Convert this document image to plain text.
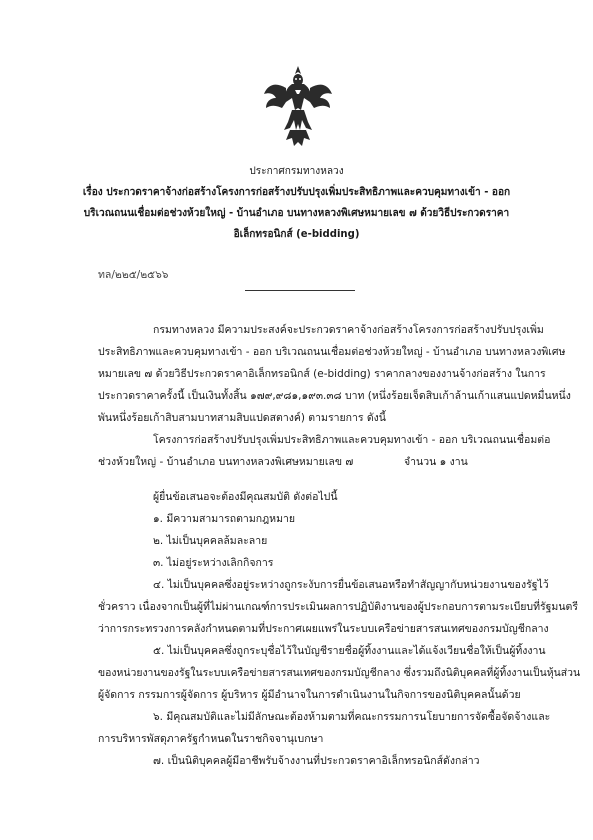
ประกาศกรมทางหลวง
เรื่อง ประกวดราคาจ้างก่อสร้างโครงการก่อสร้างปรับปรุงเพิ่มประสิทธิภาพและควบคุมทางเข้า - ออก
บริเวณถนนเชื่อมต่อช่วงห้วยใหญ่ - บ้านอำเภอ บนทางหลวงพิเศษหมายเลข ๗ ด้วยวิธีประกวดราคา
อิเล็กทรอนิกส์ (e-bidding)
ทล/๒๒๕/๒๕๖๖
กรมทางหลวง มีความประสงค์จะประกวดราคาจ้างก่อสร้างโครงการก่อสร้างปรับปรุงเพิ่ม
ประสิทธิภาพและควบคุมทางเข้า - ออก บริเวณถนนเชื่อมต่อช่วงห้วยใหญ่ - บ้านอำเภอ บนทางหลวงพิเศษ
หมายเลข ๗ ด้วยวิธีประกวดราคาอิเล็กทรอนิกส์ (e-bidding) ราคากลางของงานจ้างก่อสร้าง ในการ
ประกวดราคาครั้งนี้ เป็นเงินทั้งสิ้น ๑๗๙,๙๘๑,๑๙๓.๓๘ บาท (หนึ่งร้อยเจ็ดสิบเก้าล้านเก้าแสนแปดหมื่นหนึ่ง
พันหนึ่งร้อยเก้าสิบสามบาทสามสิบแปดสตางค์) ตามรายการ ดังนี้
โครงการก่อสร้างปรับปรุงเพิ่มประสิทธิภาพและควบคุมทางเข้า - ออก บริเวณถนนเชื่อมต่อ
ช่วงห้วยใหญ่ - บ้านอำเภอ บนทางหลวงพิเศษหมายเลข ๗	จำนวน ๑ งาน
ผู้ยื่นข้อเสนอจะต้องมีคุณสมบัติ ดังต่อไปนี้
๑. มีความสามารถตามกฎหมาย
๒. ไม่เป็นบุคคลล้มละลาย
๓. ไม่อยู่ระหว่างเลิกกิจการ
๔. ไม่เป็นบุคคลซึ่งอยู่ระหว่างถูกระงับการยื่นข้อเสนอหรือทำสัญญากับหน่วยงานของรัฐไว้
ชั่วคราว เนื่องจากเป็นผู้ที่ไม่ผ่านเกณฑ์การประเมินผลการปฏิบัติงานของผู้ประกอบการตามระเบียบที่รัฐมนตรี
ว่าการกระทรวงการคลังกำหนดตามที่ประกาศเผยแพร่ในระบบเครือข่ายสารสนเทศของกรมบัญชีกลาง
๕. ไม่เป็นบุคคลซึ่งถูกระบุชื่อไว้ในบัญชีรายชื่อผู้ทิ้งงานและได้แจ้งเวียนชื่อให้เป็นผู้ทิ้งงาน
ของหน่วยงานของรัฐในระบบเครือข่ายสารสนเทศของกรมบัญชีกลาง ซึ่งรวมถึงนิติบุคคลที่ผู้ทิ้งงานเป็นหุ้นส่วน
ผู้จัดการ กรรมการผู้จัดการ ผู้บริหาร ผู้มีอำนาจในการดำเนินงานในกิจการของนิติบุคคลนั้นด้วย
๖. มีคุณสมบัติและไม่มีลักษณะต้องห้ามตามที่คณะกรรมการนโยบายการจัดซื้อจัดจ้างและ
การบริหารพัสดุภาครัฐกำหนดในราชกิจจานุเบกษา
๗. เป็นนิติบุคคลผู้มีอาชีพรับจ้างงานที่ประกวดราคาอิเล็กทรอนิกส์ดังกล่าว
